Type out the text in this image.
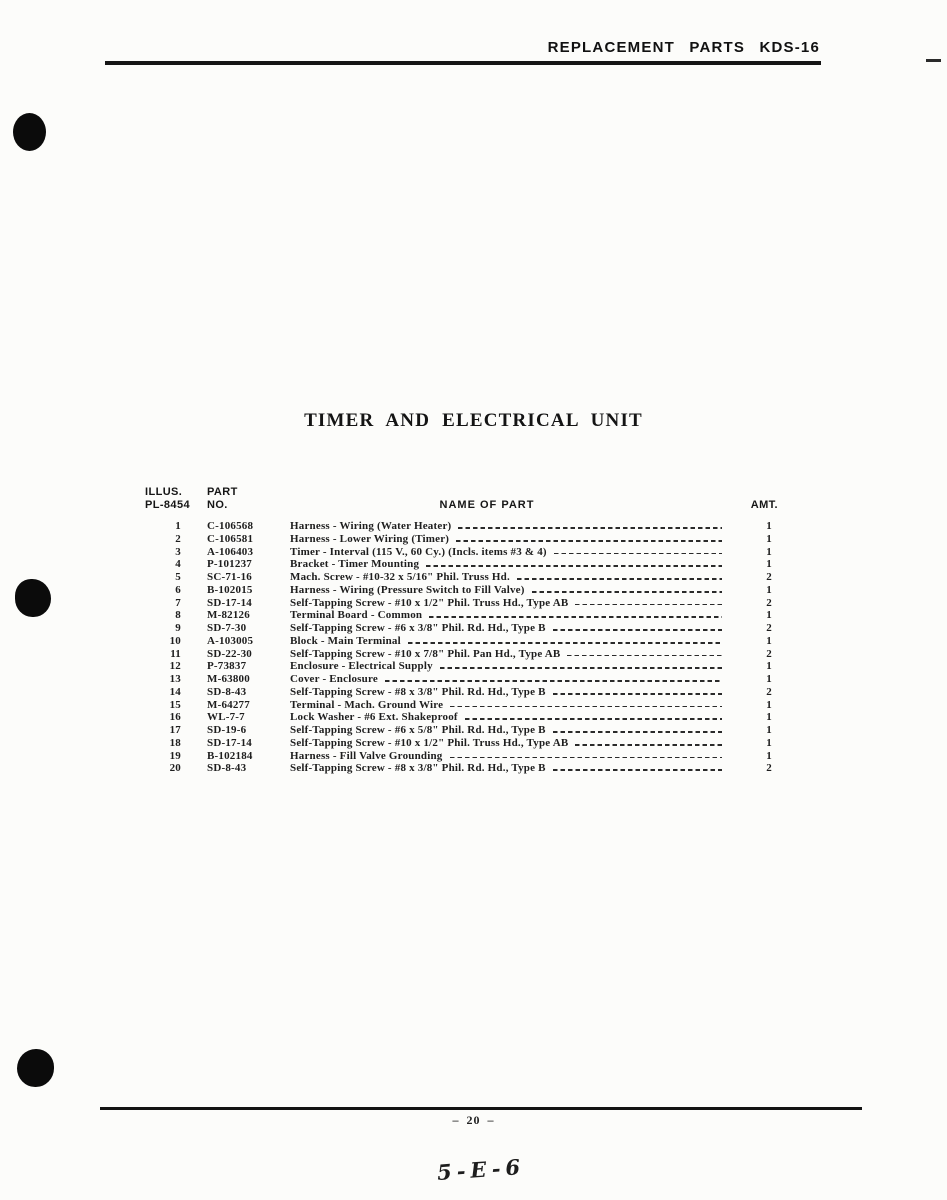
REPLACEMENT PARTS KDS-16
TIMER AND ELECTRICAL UNIT
ILLUS.
PL-8454
PART
NO.	NAME OF PART	AMT.
1 C-106568	Harness - Wiring (Water Heater)	1
2 C-106581	Harness - Lower Wiring (Timer)	1
3 A-106403	Timer - Interval (115 V., 60 Cy.) (Incls. items #3 & 4)	1
4 P-101237	Bracket - Timer Mounting	1
5 SC-71-16	Mach. Screw - #10-32 x 5/16" Phil. Truss Hd.	2
6 B-102015	Harness - Wiring (Pressure Switch to Fill Valve)	1
7 SD-17-14	Self-Tapping Screw - #10 x 1/2" Phil. Truss Hd., Type AB	2
8 M-82126	Terminal Board - Common	1
9 SD-7-30	Self-Tapping Screw - #6 x 3/8" Phil. Rd. Hd., Type B	2
10 A-103005	Block - Main Terminal	1
11 SD-22-30	Self-Tapping Screw - #10 x 7/8" Phil. Pan Hd., Type AB	2
12 P-73837	Enclosure - Electrical Supply	1
13 M-63800	Cover - Enclosure	1
14 SD-8-43	Self-Tapping Screw - #8 x 3/8" Phil. Rd. Hd., Type B	2
15 M-64277	Terminal - Mach. Ground Wire	1
16 WL-7-7	Lock Washer - #6 Ext. Shakeproof	1
17 SD-19-6	Self-Tapping Screw - #6 x 5/8" Phil. Rd. Hd., Type B	1
18 SD-17-14	Self-Tapping Screw - #10 x 1/2" Phil. Truss Hd., Type AB	1
19 B-102184	Harness - Fill Valve Grounding	1
20 SD-8-43	Self-Tapping Screw - #8 x 3/8" Phil. Rd. Hd., Type B	2
– 20 –
5-E-6
